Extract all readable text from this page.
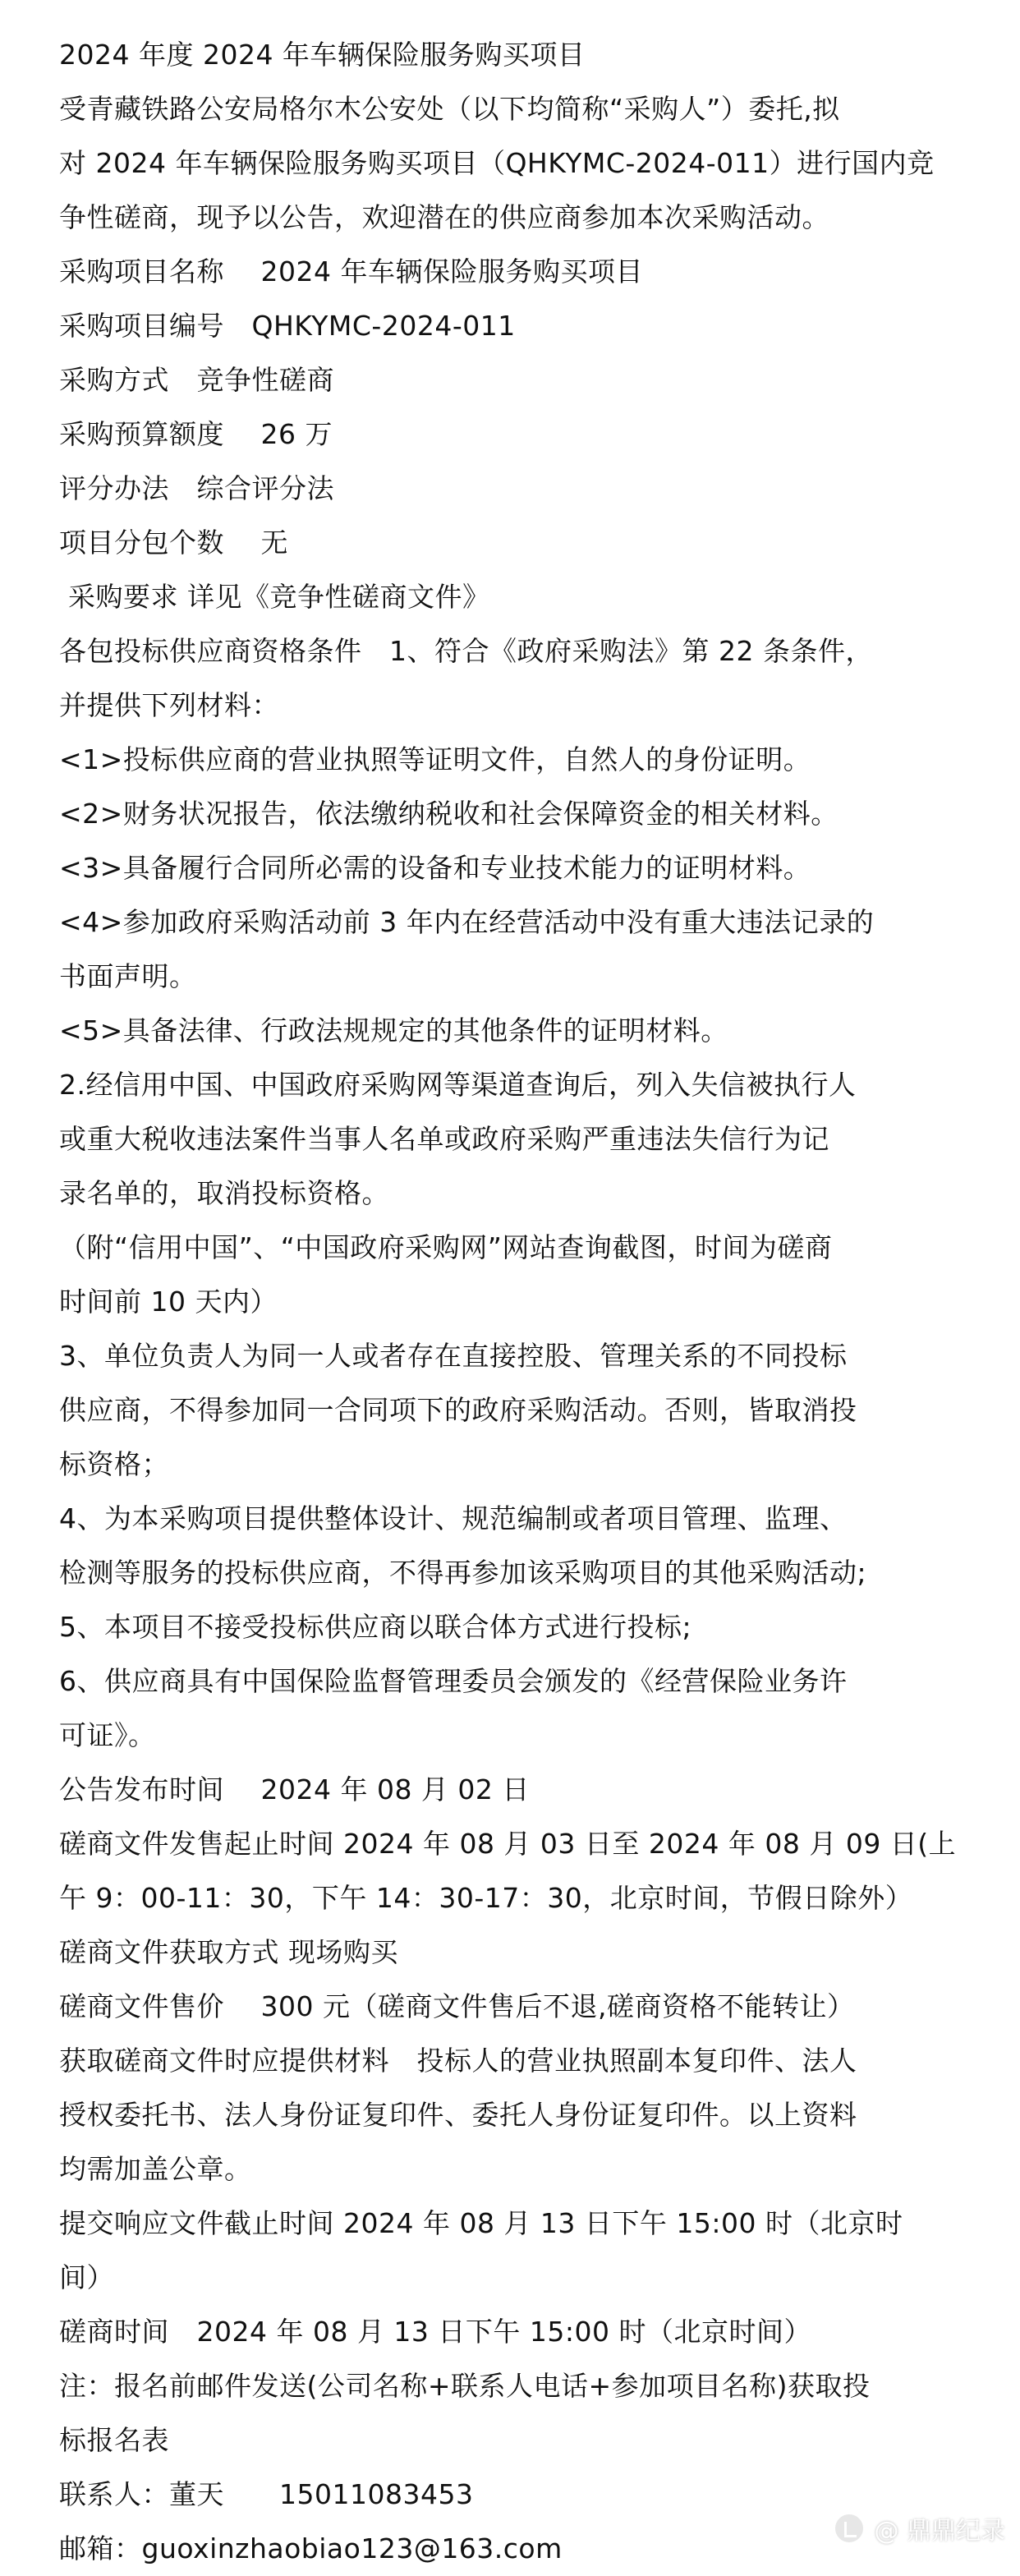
2024 年度 2024 年车辆保险服务购买项目
受青藏铁路公安局格尔木公安处（以下均简称“采购人”）委托,拟
对 2024 年车辆保险服务购买项目（QHKYMC-2024-011）进行国内竞
争性磋商，现予以公告，欢迎潜在的供应商参加本次采购活动。
采购项目名称　 2024 年车辆保险服务购买项目
采购项目编号　QHKYMC-2024-011
采购方式　竞争性磋商
采购预算额度　 26 万
评分办法　综合评分法
项目分包个数　 无
采购要求 详见《竞争性磋商文件》
各包投标供应商资格条件　1、符合《政府采购法》第 22 条条件，
并提供下列材料：
<1>投标供应商的营业执照等证明文件，自然人的身份证明。
<2>财务状况报告，依法缴纳税收和社会保障资金的相关材料。
<3>具备履行合同所必需的设备和专业技术能力的证明材料。
<4>参加政府采购活动前 3 年内在经营活动中没有重大违法记录的
书面声明。
<5>具备法律、行政法规规定的其他条件的证明材料。
2.经信用中国、中国政府采购网等渠道查询后，列入失信被执行人
或重大税收违法案件当事人名单或政府采购严重违法失信行为记
录名单的，取消投标资格。
（附“信用中国”、“中国政府采购网”网站查询截图，时间为磋商
时间前 10 天内）
3、单位负责人为同一人或者存在直接控股、管理关系的不同投标
供应商，不得参加同一合同项下的政府采购活动。否则，皆取消投
标资格；
4、为本采购项目提供整体设计、规范编制或者项目管理、监理、
检测等服务的投标供应商，不得再参加该采购项目的其他采购活动;
5、本项目不接受投标供应商以联合体方式进行投标;
6、供应商具有中国保险监督管理委员会颁发的《经营保险业务许
可证》。
公告发布时间　 2024 年 08 月 02 日
磋商文件发售起止时间 2024 年 08 月 03 日至 2024 年 08 月 09 日(上
午 9：00-11：30，下午 14：30-17：30，北京时间，节假日除外）
磋商文件获取方式 现场购买
磋商文件售价　 300 元（磋商文件售后不退,磋商资格不能转让）
获取磋商文件时应提供材料　投标人的营业执照副本复印件、法人
授权委托书、法人身份证复印件、委托人身份证复印件。以上资料
均需加盖公章。
提交响应文件截止时间 2024 年 08 月 13 日下午 15:00 时（北京时
间）
磋商时间　2024 年 08 月 13 日下午 15:00 时（北京时间）
注：报名前邮件发送(公司名称+联系人电话+参加项目名称)获取投
标报名表
联系人：董天　　15011083453
邮箱：guoxinzhaobiao123@163.com
@ 鼎鼎纪录
